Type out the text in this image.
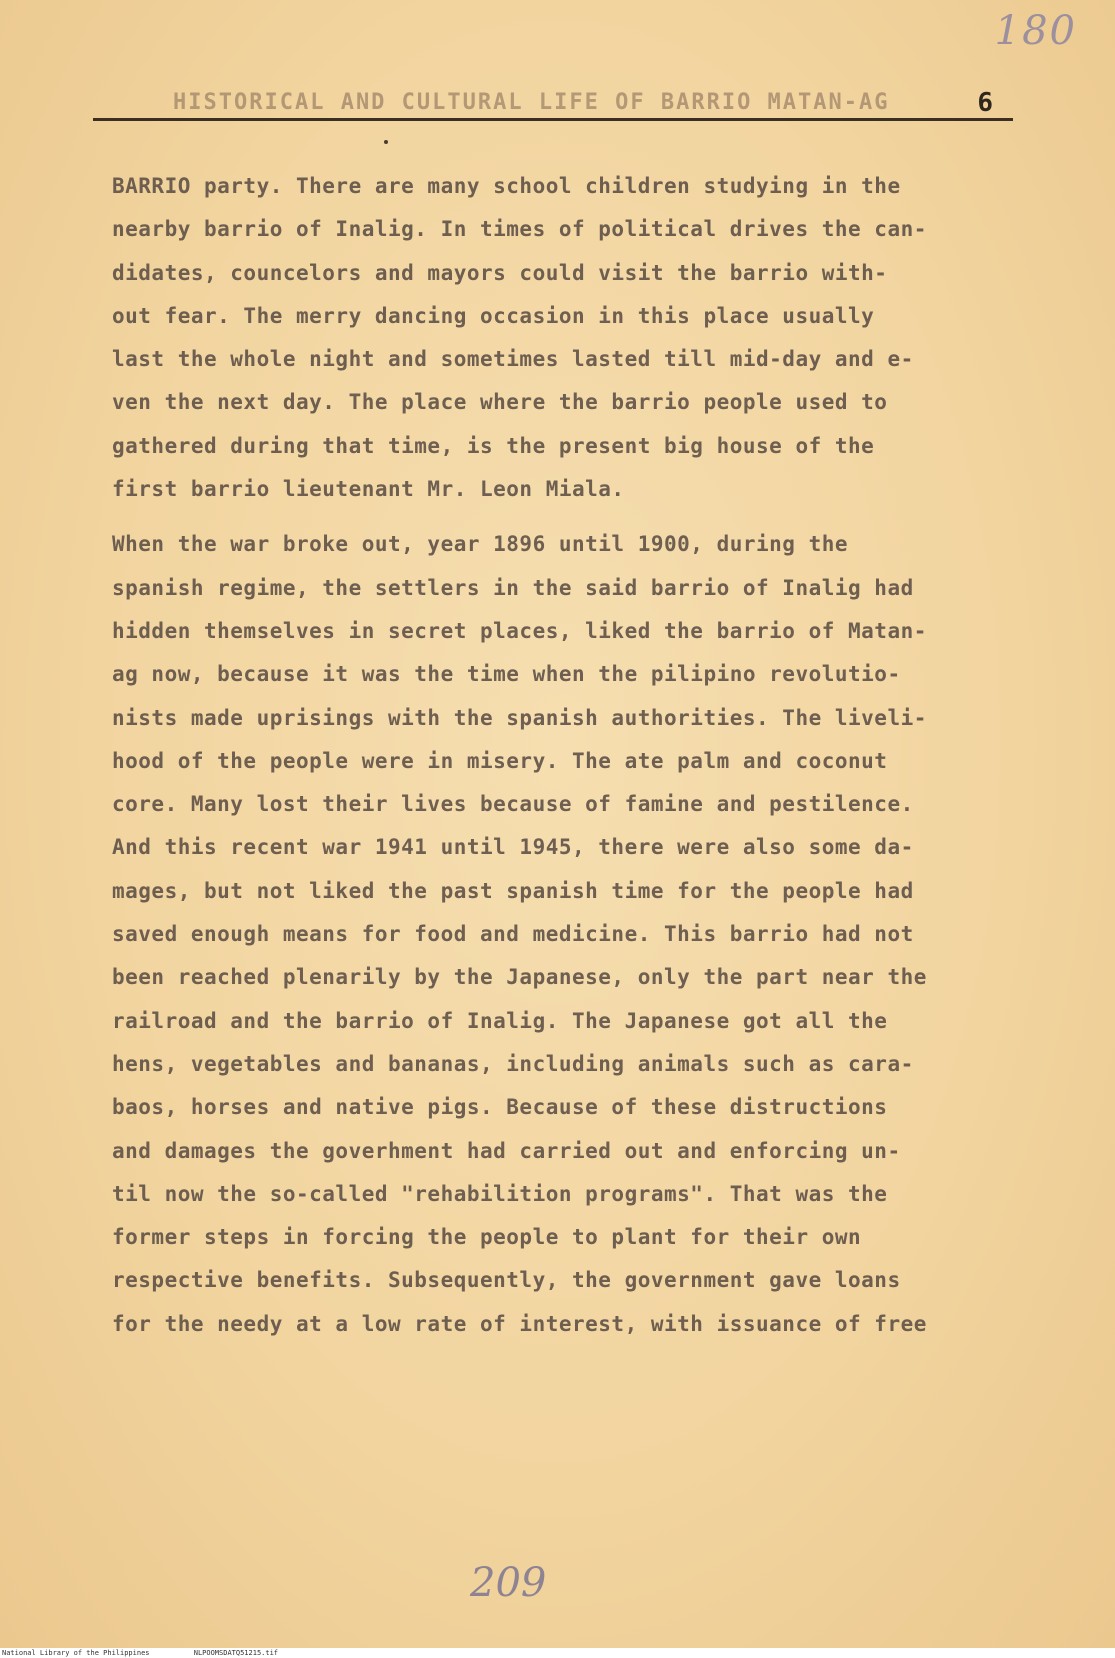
180
HISTORICAL AND CULTURAL LIFE OF BARRIO MATAN-AG	6
BARRIO party. There are many school children studying in the
nearby barrio of Inalig. In times of political drives the can-
didates, councelors and mayors could visit the barrio with-
out fear. The merry dancing occasion in this place usually
last the whole night and sometimes lasted till mid-day and e-
ven the next day. The place where the barrio people used to
gathered during that time, is the present big house of the
first barrio lieutenant Mr. Leon Miala.
When the war broke out, year 1896 until 1900, during the
spanish regime, the settlers in the said barrio of Inalig had
hidden themselves in secret places, liked the barrio of Matan-
ag now, because it was the time when the pilipino revolutio-
nists made uprisings with the spanish authorities. The liveli-
hood of the people were in misery. The ate palm and coconut
core. Many lost their lives because of famine and pestilence.
And this recent war 1941 until 1945, there were also some da-
mages, but not liked the past spanish time for the people had
saved enough means for food and medicine. This barrio had not
been reached plenarily by the Japanese, only the part near the
railroad and the barrio of Inalig. The Japanese got all the
hens, vegetables and bananas, including animals such as cara-
baos, horses and native pigs. Because of these distructions
and damages the goverhment had carried out and enforcing un-
til now the so-called "rehabilition programs". That was the
former steps in forcing the people to plant for their own
respective benefits. Subsequently, the government gave loans
for the needy at a low rate of interest, with issuance of free
209
National Library of the Philippines	NLPOOMSDATQ51215.tif
